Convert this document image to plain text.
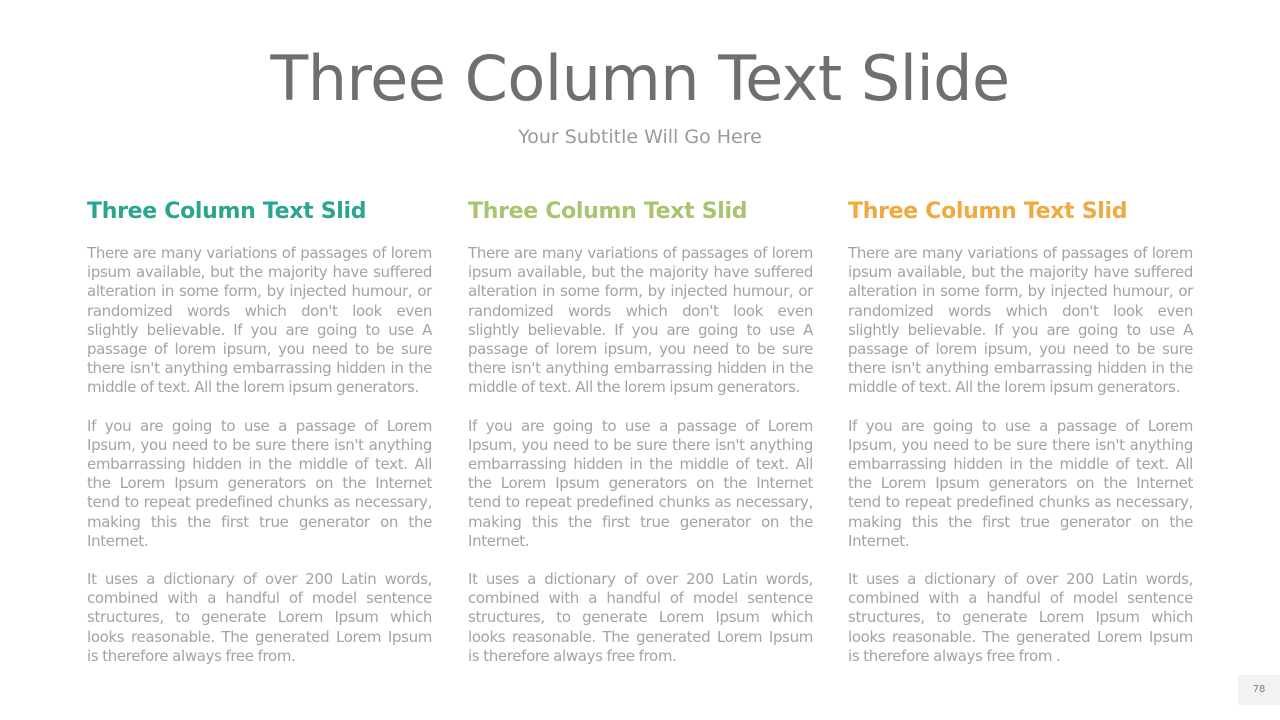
Three Column Text Slide
Your Subtitle Will Go Here
Three Column Text Slid

There are many variations of passages of lorem ipsum available, but the majority have suffered alteration in some form, by injected humour, or randomized words which don't look even slightly believable. If you are going to use A passage of lorem ipsum, you need to be sure there isn't anything embarrassing hidden in the middle of text. All the lorem ipsum generators.

If you are going to use a passage of Lorem Ipsum, you need to be sure there isn't anything embarrassing hidden in the middle of text. All the Lorem Ipsum generators on the Internet tend to repeat predefined chunks as necessary, making this the first true generator on the Internet.

It uses a dictionary of over 200 Latin words, combined with a handful of model sentence structures, to generate Lorem Ipsum which looks reasonable. The generated Lorem Ipsum is therefore always free from.

Three Column Text Slid

There are many variations of passages of lorem ipsum available, but the majority have suffered alteration in some form, by injected humour, or randomized words which don't look even slightly believable. If you are going to use A passage of lorem ipsum, you need to be sure there isn't anything embarrassing hidden in the middle of text. All the lorem ipsum generators.

If you are going to use a passage of Lorem Ipsum, you need to be sure there isn't anything embarrassing hidden in the middle of text. All the Lorem Ipsum generators on the Internet tend to repeat predefined chunks as necessary, making this the first true generator on the Internet.

It uses a dictionary of over 200 Latin words, combined with a handful of model sentence structures, to generate Lorem Ipsum which looks reasonable. The generated Lorem Ipsum is therefore always free from.

Three Column Text Slid

There are many variations of passages of lorem ipsum available, but the majority have suffered alteration in some form, by injected humour, or randomized words which don't look even slightly believable. If you are going to use A passage of lorem ipsum, you need to be sure there isn't anything embarrassing hidden in the middle of text. All the lorem ipsum generators.

If you are going to use a passage of Lorem Ipsum, you need to be sure there isn't anything embarrassing hidden in the middle of text. All the Lorem Ipsum generators on the Internet tend to repeat predefined chunks as necessary, making this the first true generator on the Internet.

It uses a dictionary of over 200 Latin words, combined with a handful of model sentence structures, to generate Lorem Ipsum which looks reasonable. The generated Lorem Ipsum is therefore always free from .

78
